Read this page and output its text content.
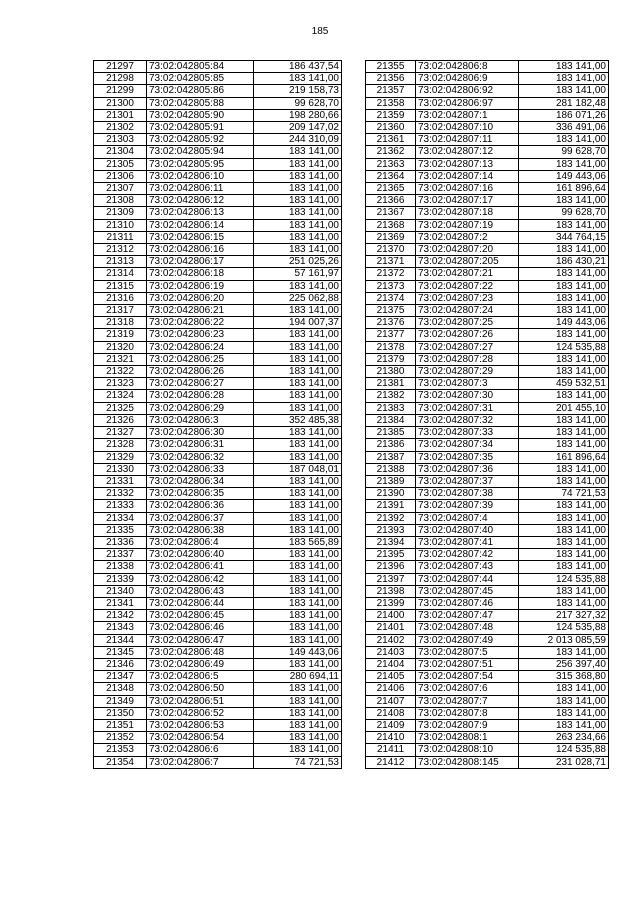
185
21297	73:02:042805:84	186 437,54
21298	73:02:042805:85	183 141,00
21299	73:02:042805:86	219 158,73
21300	73:02:042805:88	99 628,70
21301	73:02:042805:90	198 280,66
21302	73:02:042805:91	209 147,02
21303	73:02:042805:92	244 310,09
21304	73:02:042805:94	183 141,00
21305	73:02:042805:95	183 141,00
21306	73:02:042806:10	183 141,00
21307	73:02:042806:11	183 141,00
21308	73:02:042806:12	183 141,00
21309	73:02:042806:13	183 141,00
21310	73:02:042806:14	183 141,00
21311	73:02:042806:15	183 141,00
21312	73:02:042806:16	183 141,00
21313	73:02:042806:17	251 025,26
21314	73:02:042806:18	57 161,97
21315	73:02:042806:19	183 141,00
21316	73:02:042806:20	225 062,88
21317	73:02:042806:21	183 141,00
21318	73:02:042806:22	194 007,37
21319	73:02:042806:23	183 141,00
21320	73:02:042806:24	183 141,00
21321	73:02:042806:25	183 141,00
21322	73:02:042806:26	183 141,00
21323	73:02:042806:27	183 141,00
21324	73:02:042806:28	183 141,00
21325	73:02:042806:29	183 141,00
21326	73:02:042806:3	352 485,38
21327	73:02:042806:30	183 141,00
21328	73:02:042806:31	183 141,00
21329	73:02:042806:32	183 141,00
21330	73:02:042806:33	187 048,01
21331	73:02:042806:34	183 141,00
21332	73:02:042806:35	183 141,00
21333	73:02:042806:36	183 141,00
21334	73:02:042806:37	183 141,00
21335	73:02:042806:38	183 141,00
21336	73:02:042806:4	183 565,89
21337	73:02:042806:40	183 141,00
21338	73:02:042806:41	183 141,00
21339	73:02:042806:42	183 141,00
21340	73:02:042806:43	183 141,00
21341	73:02:042806:44	183 141,00
21342	73:02:042806:45	183 141,00
21343	73:02:042806:46	183 141,00
21344	73:02:042806:47	183 141,00
21345	73:02:042806:48	149 443,06
21346	73:02:042806:49	183 141,00
21347	73:02:042806:5	280 694,11
21348	73:02:042806:50	183 141,00
21349	73:02:042806:51	183 141,00
21350	73:02:042806:52	183 141,00
21351	73:02:042806:53	183 141,00
21352	73:02:042806:54	183 141,00
21353	73:02:042806:6	183 141,00
21354	73:02:042806:7	74 721,53
21355	73:02:042806:8	183 141,00
21356	73:02:042806:9	183 141,00
21357	73:02:042806:92	183 141,00
21358	73:02:042806:97	281 182,48
21359	73:02:042807:1	186 071,26
21360	73:02:042807:10	336 491,06
21361	73:02:042807:11	183 141,00
21362	73:02:042807:12	99 628,70
21363	73:02:042807:13	183 141,00
21364	73:02:042807:14	149 443,06
21365	73:02:042807:16	161 896,64
21366	73:02:042807:17	183 141,00
21367	73:02:042807:18	99 628,70
21368	73:02:042807:19	183 141,00
21369	73:02:042807:2	344 764,15
21370	73:02:042807:20	183 141,00
21371	73:02:042807:205	186 430,21
21372	73:02:042807:21	183 141,00
21373	73:02:042807:22	183 141,00
21374	73:02:042807:23	183 141,00
21375	73:02:042807:24	183 141,00
21376	73:02:042807:25	149 443,06
21377	73:02:042807:26	183 141,00
21378	73:02:042807:27	124 535,88
21379	73:02:042807:28	183 141,00
21380	73:02:042807:29	183 141,00
21381	73:02:042807:3	459 532,51
21382	73:02:042807:30	183 141,00
21383	73:02:042807:31	201 455,10
21384	73:02:042807:32	183 141,00
21385	73:02:042807:33	183 141,00
21386	73:02:042807:34	183 141,00
21387	73:02:042807:35	161 896,64
21388	73:02:042807:36	183 141,00
21389	73:02:042807:37	183 141,00
21390	73:02:042807:38	74 721,53
21391	73:02:042807:39	183 141,00
21392	73:02:042807:4	183 141,00
21393	73:02:042807:40	183 141,00
21394	73:02:042807:41	183 141,00
21395	73:02:042807:42	183 141,00
21396	73:02:042807:43	183 141,00
21397	73:02:042807:44	124 535,88
21398	73:02:042807:45	183 141,00
21399	73:02:042807:46	183 141,00
21400	73:02:042807:47	217 327,32
21401	73:02:042807:48	124 535,88
21402	73:02:042807:49	2 013 085,59
21403	73:02:042807:5	183 141,00
21404	73:02:042807:51	256 397,40
21405	73:02:042807:54	315 368,80
21406	73:02:042807:6	183 141,00
21407	73:02:042807:7	183 141,00
21408	73:02:042807:8	183 141,00
21409	73:02:042807:9	183 141,00
21410	73:02:042808:1	263 234,66
21411	73:02:042808:10	124 535,88
21412	73:02:042808:145	231 028,71
